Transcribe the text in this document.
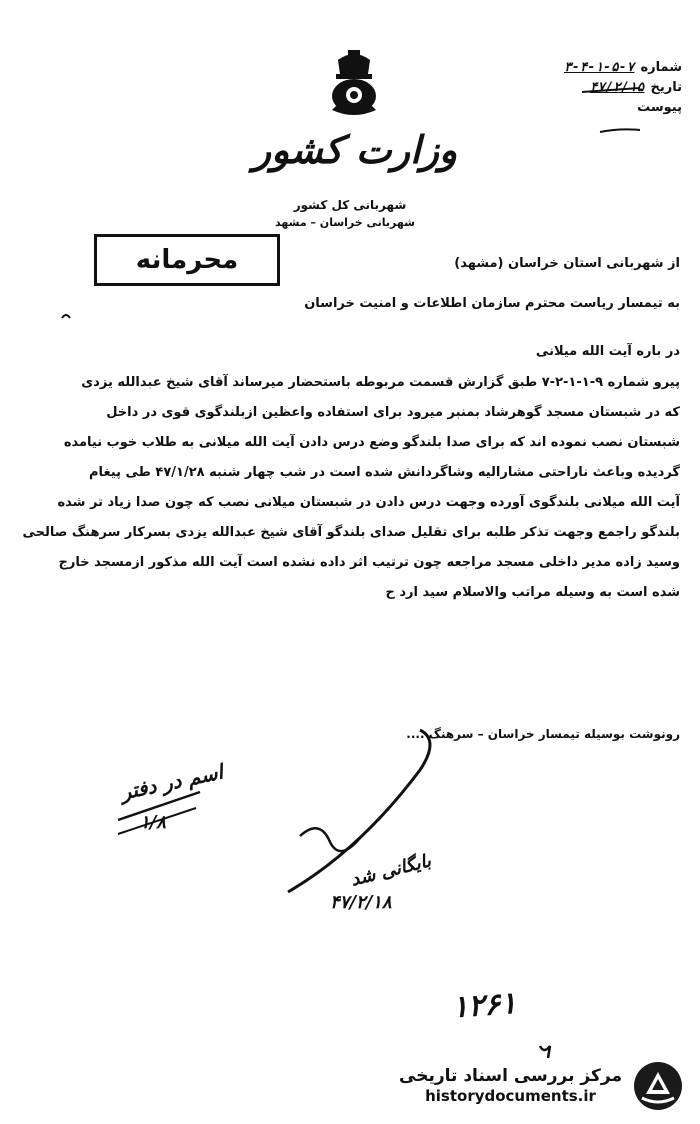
شماره
۳-۴-۱-۵-۷
تاریخ
۴۷/۲/۱۵
پیوست
وزارت کشور
شهربانی کل کشور
شهربانی خراسان – مشهد
محرمانه	از شهربانی استان خراسان (مشهد)
به تیمسار ریاست محترم سازمان اطلاعات و امنیت خراسان
در باره آیت الله میلانی
پیرو شماره ۹-۱-۱-۲-۷ طبق گزارش قسمت مربوطه باستحضار میرساند آقای شیخ عبدالله یزدی
که در شبستان مسجد گوهرشاد بمنبر میرود برای استفاده واعظین ازبلندگوی قوی در داخل
شبستان نصب نموده اند که برای صدا بلندگو وضع درس دادن آیت الله میلانی به طلاب خوب نیامده
گردیده وباعث ناراحتی مشارالیه وشاگردانش شده است در شب چهار شنبه ۴۷/۱/۲۸ طی پیغام
آیت الله میلانی بلندگوی آورده وجهت درس دادن در شبستان میلانی نصب که چون صدا زیاد تر شده
بلندگو راجمع وجهت تذکر طلبه برای تقلیل صدای بلندگو آقای شیخ عبدالله یزدی بسرکار سرهنگ صالحی
وسید زاده مدیر داخلی مسجد مراجعه چون ترتیب اثر داده نشده است آیت الله مذکور ازمسجد خارج
شده است به وسیله مراتب والاسلام سید ارد ح
رونوشت بوسیله تیمسار خراسان – سرهنگ ....
اسم در دفتر
۱/۸
بایگانی شد
۴۷/۲/۱۸
۱۲۶۱
مرکز بررسی اسناد تاریخی
historydocuments.ir
